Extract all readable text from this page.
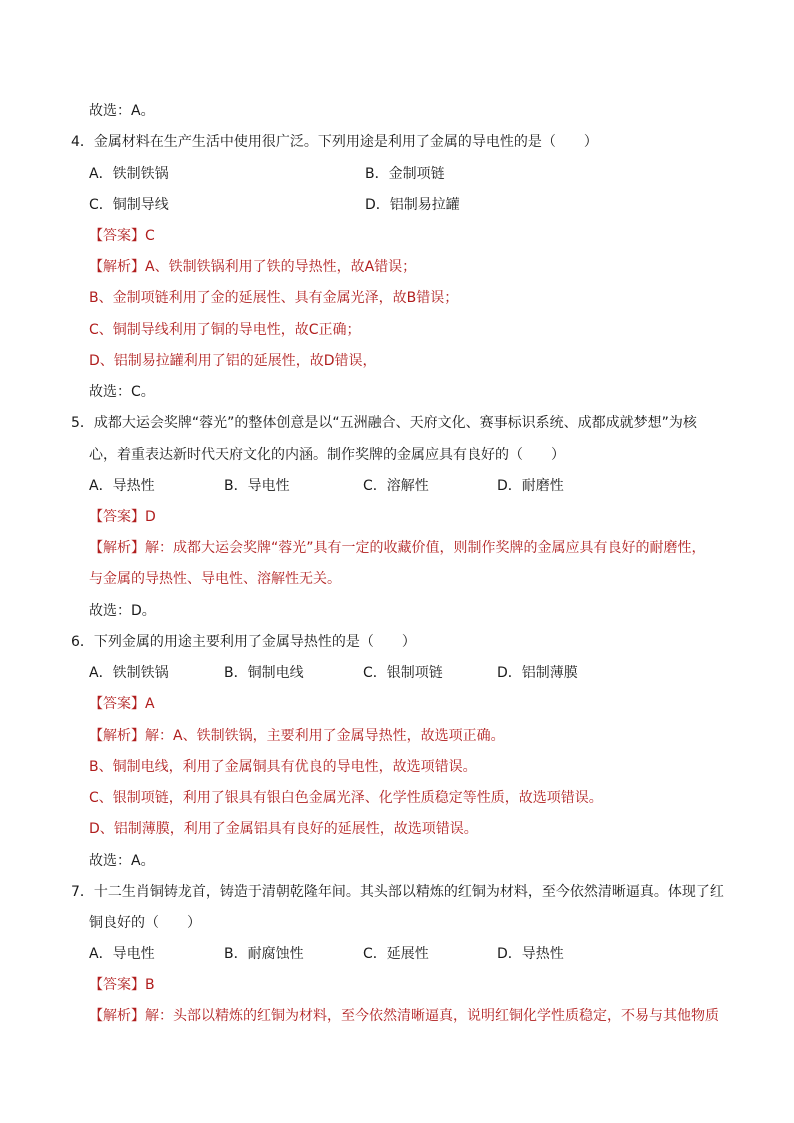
故选：A。
4．金属材料在生产生活中使用很广泛。下列用途是利用了金属的导电性的是（　　）
A．铁制铁锅	B．金制项链
C．铜制导线	D．铝制易拉罐
【答案】C
【解析】A、铁制铁锅利用了铁的导热性，故A错误；
B、金制项链利用了金的延展性、具有金属光泽，故B错误；
C、铜制导线利用了铜的导电性，故C正确；
D、铝制易拉罐利用了铝的延展性，故D错误，
故选：C。
5．成都大运会奖牌“蓉光”的整体创意是以“五洲融合、天府文化、赛事标识系统、成都成就梦想”为核
心，着重表达新时代天府文化的内涵。制作奖牌的金属应具有良好的（　　）
A．导热性	B．导电性	C．溶解性	D．耐磨性
【答案】D
【解析】解：成都大运会奖牌“蓉光”具有一定的收藏价值，则制作奖牌的金属应具有良好的耐磨性，
与金属的导热性、导电性、溶解性无关。
故选：D。
6．下列金属的用途主要利用了金属导热性的是（　　）
A．铁制铁锅	B．铜制电线	C．银制项链	D．铝制薄膜
【答案】A
【解析】解：A、铁制铁锅，主要利用了金属导热性，故选项正确。
B、铜制电线，利用了金属铜具有优良的导电性，故选项错误。
C、银制项链，利用了银具有银白色金属光泽、化学性质稳定等性质，故选项错误。
D、铝制薄膜，利用了金属铝具有良好的延展性，故选项错误。
故选：A。
7．十二生肖铜铸龙首，铸造于清朝乾隆年间。其头部以精炼的红铜为材料，至今依然清晰逼真。体现了红
铜良好的（　　）
A．导电性	B．耐腐蚀性	C．延展性	D．导热性
【答案】B
【解析】解：头部以精炼的红铜为材料，至今依然清晰逼真，说明红铜化学性质稳定，不易与其他物质
